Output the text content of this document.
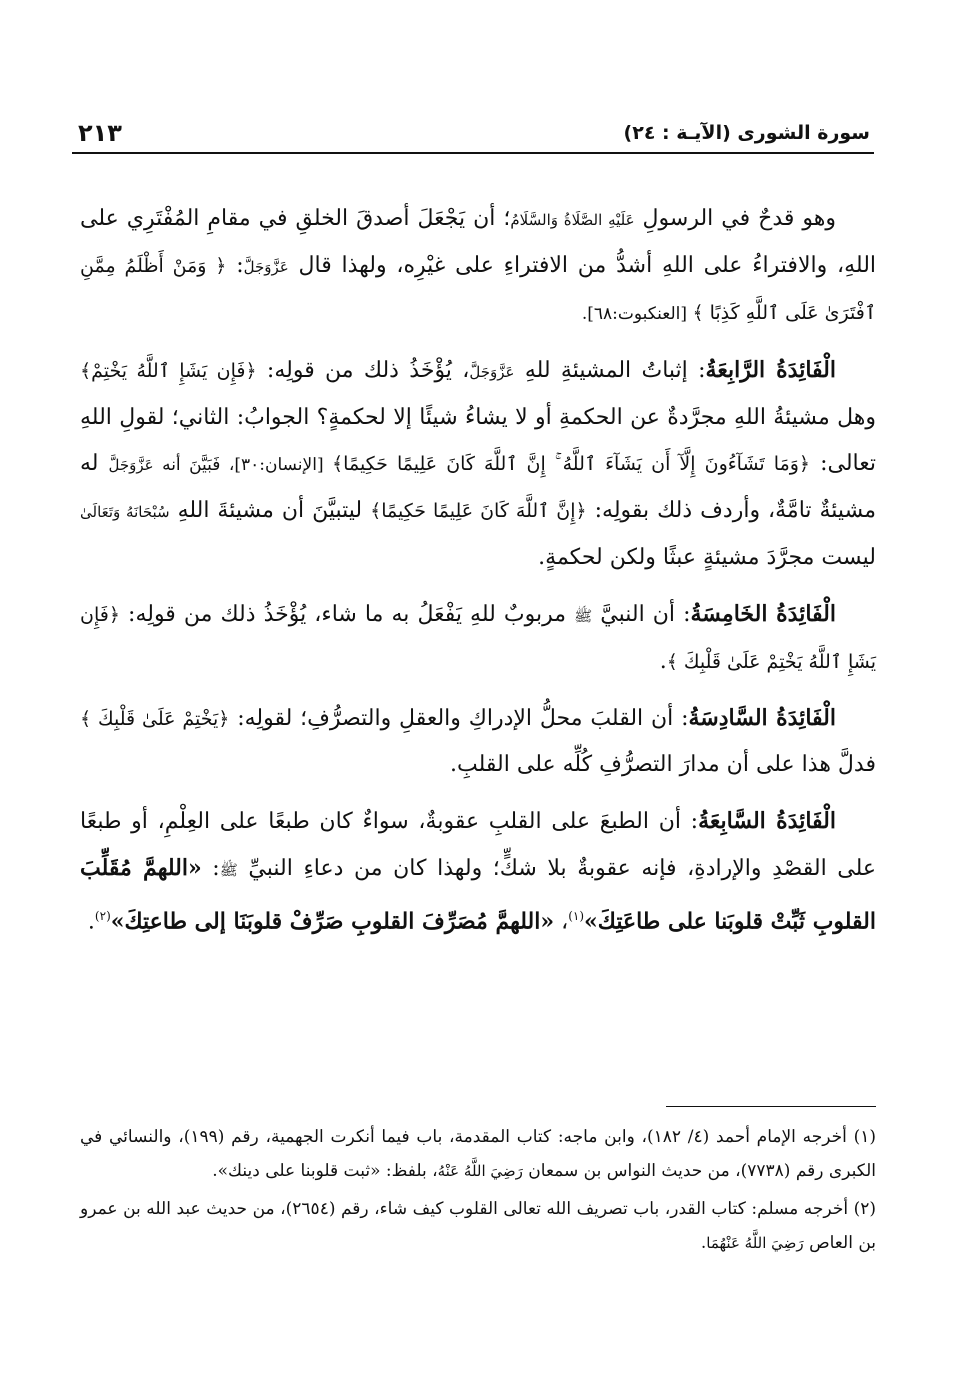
٢١٣	سورة الشورى (الآيـة : ٢٤)

وهو قدحٌ في الرسولِ عَلَيْهِ الصَّلَاةُ وَالسَّلَامُ؛ أن يَجْعَلَ أصدقَ الخلقِ في مقامِ المُفْتَرِي على اللهِ، والافتراءُ على اللهِ أشدُّ من الافتراءِ على غيْرِه، ولهذا قال عَزَّوَجَلَّ: ﴿ وَمَنْ أَظْلَمُ مِمَّنِ ٱفْتَرَىٰ عَلَى ٱللَّهِ كَذِبًا ﴾ [العنكبوت:٦٨].

الْفَائِدَةُ الرَّابِعَةُ: إثباتُ المشيئةِ للهِ عَزَّوَجَلَّ، يُؤْخَذُ ذلك من قولِه: ﴿فَإِن يَشَإِ ٱللَّهُ يَخْتِمْ﴾ وهل مشيئةُ اللهِ مجرَّدةٌ عن الحكمةِ أو لا يشاءُ شيئًا إلا لحكمةٍ؟ الجوابُ: الثاني؛ لقولِ اللهِ تعالى: ﴿وَمَا تَشَآءُونَ إِلَّآ أَن يَشَآءَ ٱللَّهُ ۚ إِنَّ ٱللَّهَ كَانَ عَلِيمًا حَكِيمًا﴾ [الإنسان:٣٠]، فَبَيَّنَ أنه عَزَّوَجَلَّ له مشيئةٌ تامَّةٌ، وأردف ذلك بقولِه: ﴿إِنَّ ٱللَّهَ كَانَ عَلِيمًا حَكِيمًا﴾ ليتبيَّنَ أن مشيئةَ اللهِ سُبْحَانَهُ وَتَعَالَىٰ ليست مجرَّدَ مشيئةٍ عبثًا ولكن لحكمةٍ.

الْفَائِدَةُ الخَامِسَةُ: أن النبيَّ ﷺ مربوبٌ للهِ يَفْعَلُ به ما شاء، يُؤْخَذُ ذلك من قولِه: ﴿فَإِن يَشَإِ ٱللَّهُ يَخْتِمْ عَلَىٰ قَلْبِكَ ﴾.

الْفَائِدَةُ السَّادِسَةُ: أن القلبَ محلُّ الإدراكِ والعقلِ والتصرُّفِ؛ لقولِه: ﴿يَخْتِمْ عَلَىٰ قَلْبِكَ ﴾ فدلَّ هذا على أن مدارَ التصرُّفِ كُلِّه على القلبِ.

الْفَائِدَةُ السَّابِعَةُ: أن الطبعَ على القلبِ عقوبةٌ، سواءٌ كان طبعًا على العِلْمِ، أو طبعًا على القصْدِ والإرادةِ، فإنه عقوبةٌ بلا شكٍّ؛ ولهذا كان من دعاءِ النبيِّ ﷺ: «اللهمَّ مُقَلِّبَ القلوبِ ثَبِّتْ قلوبَنا على طاعَتِكَ»$^{(١)}$، «اللهمَّ مُصَرِّفَ القلوبِ صَرِّفْ قلوبَنَا إلى طاعتِكَ»$^{(٢)}$.

(١) أخرجه الإمام أحمد (٤/ ١٨٢)، وابن ماجه: كتاب المقدمة، باب فيما أنكرت الجهمية، رقم (١٩٩)، والنسائي في الكبرى رقم (٧٧٣٨)، من حديث النواس بن سمعان رَضِيَ اللَّهُ عَنْهُ، بلفظ: «ثبت قلوبنا على دينك».

(٢) أخرجه مسلم: كتاب القدر، باب تصريف الله تعالى القلوب كيف شاء، رقم (٢٦٥٤)، من حديث عبد الله بن عمرو بن العاص رَضِيَ اللَّهُ عَنْهُمَا.
